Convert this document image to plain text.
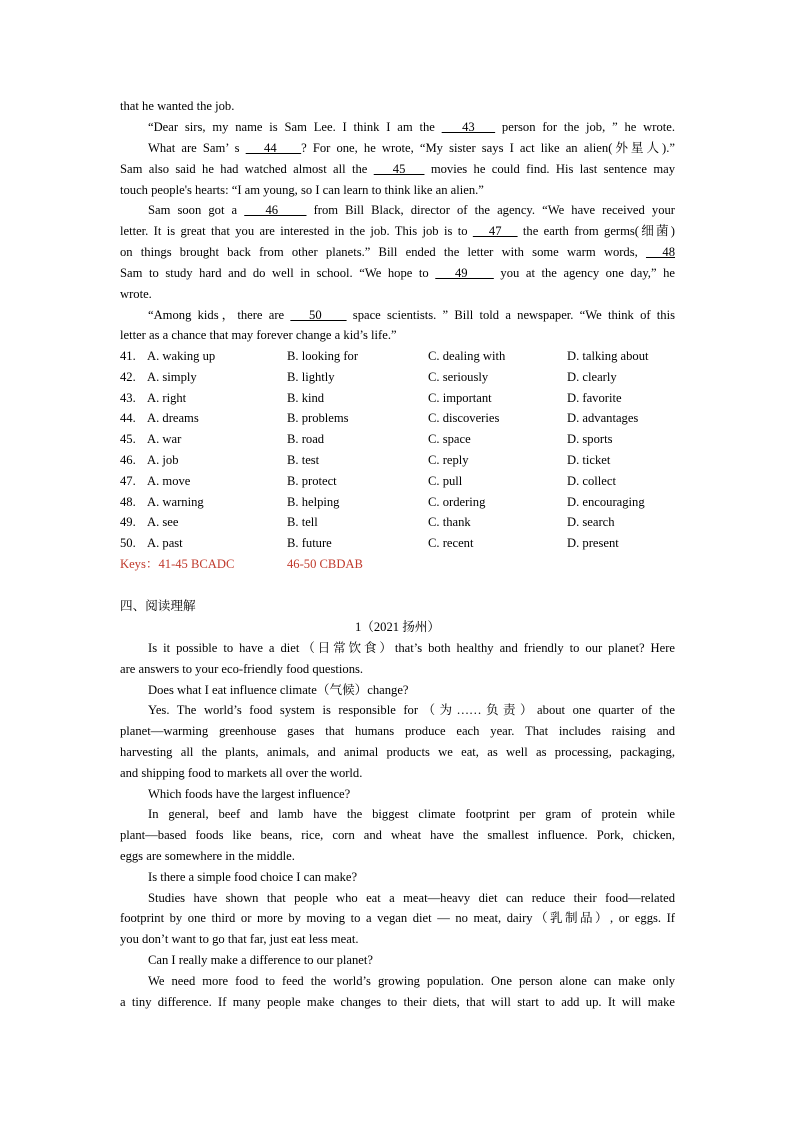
that he wanted the job.
“Dear sirs, my name is Sam Lee. I think I am the    43    person for the job, ” he wrote.
What are Sam’ s    44    ? For one, he wrote, “My sister says I act like an alien(外星人).”
Sam also said he had watched almost all the    45    movies he could find. His last sentence may
touch people's hearts: “I am young, so I can learn to think like an alien.”
Sam soon got a    46     from Bill Black, director of the agency. “We have received your
letter. It is great that you are interested in the job. This job is to    47    the earth from germs(细菌)
on things brought back from other planets.” Bill ended the letter with some warm words,   48
Sam to study hard and do well in school. “We hope to    49     you at the agency one day,” he
wrote.
“Among kids，there are    50     space scientists. ” Bill told a newspaper. “We think of this
letter as a chance that may forever change a kid’s life.”
41. A. waking up	B. looking for	C. dealing with	D. talking about
42. A. simply	B. lightly	C. seriously	D. clearly
43. A. right	B. kind	C. important	D. favorite
44. A. dreams	B. problems	C. discoveries	D. advantages
45. A. war	B. road	C. space	D. sports
46. A. job	B. test	C. reply	D. ticket
47. A. move	B. protect	C. pull	D. collect
48. A. warning	B. helping	C. ordering	D. encouraging
49. A. see	B. tell	C. thank	D. search
50. A. past	B. future	C. recent	D. present
Keys：41-45 BCADC	46-50 CBDAB
四、阅读理解
1（2021 扬州）
Is it possible to have a diet（日常饮食）that’s both healthy and friendly to our planet? Here
are answers to your eco-friendly food questions.
Does what I eat influence climate（气候）change?
Yes. The world’s food system is responsible for（为……负责）about one quarter of the
planet—warming greenhouse gases that humans produce each year. That includes raising and
harvesting all the plants, animals, and animal products we eat, as well as processing, packaging,
and shipping food to markets all over the world.
Which foods have the largest influence?
In general, beef and lamb have the biggest climate footprint per gram of protein while
plant—based foods like beans, rice, corn and wheat have the smallest influence. Pork, chicken,
eggs are somewhere in the middle.
Is there a simple food choice I can make?
Studies have shown that people who eat a meat—heavy diet can reduce their food—related
footprint by one third or more by moving to a vegan diet — no meat, dairy（乳制品）, or eggs. If
you don’t want to go that far, just eat less meat.
Can I really make a difference to our planet?
We need more food to feed the world’s growing population. One person alone can make only
a tiny difference. If many people make changes to their diets, that will start to add up. It will make
